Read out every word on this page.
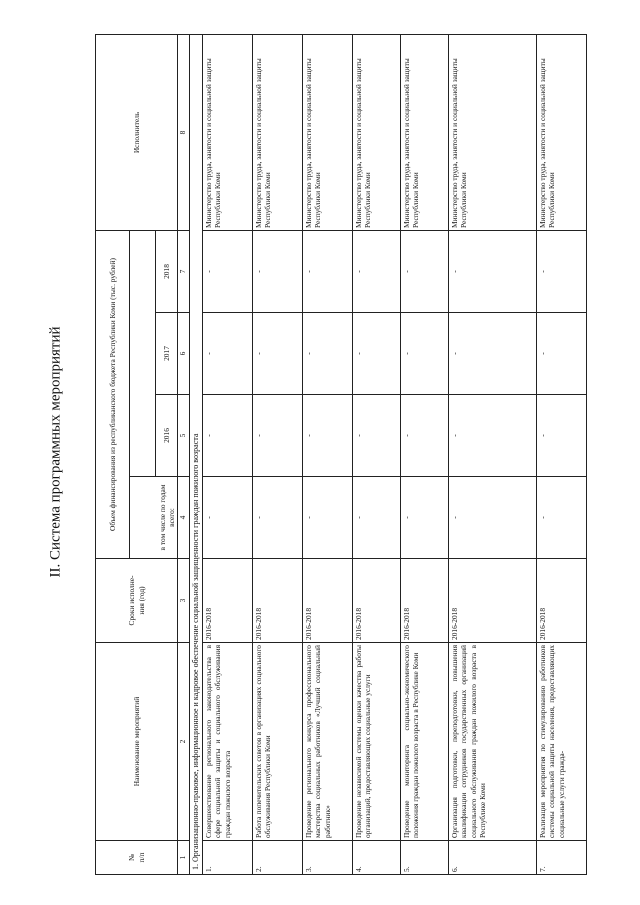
II. Система программных мероприятий
№
п/п	Наименование мероприятий	Сроки исполне-
ния (год)	Объем финансирования из республиканского бюджета Республики Коми (тыс. рублей)				Исполнитель

			в том числе по годам всего:				

				2016	2017	2018	
1	2	3	4	5	6	7	8
1. Организационно-правовое, информационное и кадровое обеспечение социальной защищенности граждан пожилого возраста							
1.	Совершенствование регионального законодательства в сфере социальной защиты и социального обслуживания граждан пожилого возраста	2016-2018	-	-	-	-	Министерство труда, занятости и социальной защиты Республики Коми
2.	Работа попечительских советов в организациях социального обслуживания Республики Коми	2016-2018	-	-	-	-	Министерство труда, занятости и социальной защиты Республики Коми
3.	Проведение регионального конкурса профессионального мастерства социальных работников «Лучший социальный работник»	2016-2018	-	-	-	-	Министерство труда, занятости и социальной защиты Республики Коми
4.	Проведение независимой системы оценки качества работы организаций, предоставляющих социальные услуги	2016-2018	-	-	-	-	Министерство труда, занятости и социальной защиты Республики Коми
5.	Проведение мониторинга социально-экономического положения граждан пожилого возраста в Республике Коми	2016-2018	-	-	-	-	Министерство труда, занятости и социальной защиты Республики Коми
6.	Организация подготовки, переподготовки, повышения квалификации сотрудников государственных организаций социального обслуживания граждан пожилого возраста в Республике Коми	2016-2018	-	-	-	-	Министерство труда, занятости и социальной защиты Республики Коми
7.	Реализация мероприятия по стимулированию работников системы социальной защиты населения, предоставляющих социальные услуги гражда-	2016-2018	-	-	-	-	Министерство труда, занятости и социальной защиты Республики Коми
